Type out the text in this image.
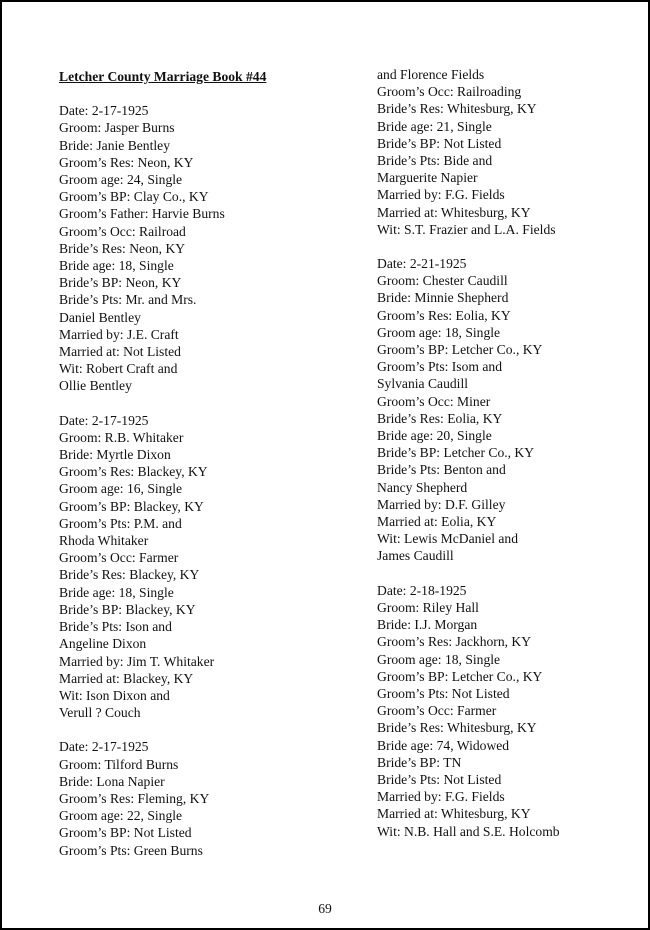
Letcher County Marriage Book #44
Date: 2-17-1925
Groom: Jasper Burns
Bride: Janie Bentley
Groom’s Res: Neon, KY
Groom age: 24, Single
Groom’s BP: Clay Co., KY
Groom’s Father: Harvie Burns
Groom’s Occ: Railroad
Bride’s Res: Neon, KY
Bride age: 18, Single
Bride’s BP: Neon, KY
Bride’s Pts: Mr. and Mrs.
Daniel Bentley
Married by: J.E. Craft
Married at: Not Listed
Wit: Robert Craft and
Ollie Bentley
Date: 2-17-1925
Groom: R.B. Whitaker
Bride: Myrtle Dixon
Groom’s Res: Blackey, KY
Groom age: 16, Single
Groom’s BP: Blackey, KY
Groom’s Pts: P.M. and
Rhoda Whitaker
Groom’s Occ: Farmer
Bride’s Res: Blackey, KY
Bride age: 18, Single
Bride’s BP: Blackey, KY
Bride’s Pts: Ison and
Angeline Dixon
Married by: Jim T. Whitaker
Married at: Blackey, KY
Wit: Ison Dixon and
Verull ? Couch
Date: 2-17-1925
Groom: Tilford Burns
Bride: Lona Napier
Groom’s Res: Fleming, KY
Groom age: 22, Single
Groom’s BP: Not Listed
Groom’s Pts: Green Burns
and Florence Fields
Groom’s Occ: Railroading
Bride’s Res: Whitesburg, KY
Bride age: 21, Single
Bride’s BP: Not Listed
Bride’s Pts: Bide and
Marguerite Napier
Married by: F.G. Fields
Married at: Whitesburg, KY
Wit: S.T. Frazier and L.A. Fields
Date: 2-21-1925
Groom: Chester Caudill
Bride: Minnie Shepherd
Groom’s Res: Eolia, KY
Groom age: 18, Single
Groom’s BP: Letcher Co., KY
Groom’s Pts: Isom and
Sylvania Caudill
Groom’s Occ: Miner
Bride’s Res: Eolia, KY
Bride age: 20, Single
Bride’s BP: Letcher Co., KY
Bride’s Pts: Benton and
Nancy Shepherd
Married by: D.F. Gilley
Married at: Eolia, KY
Wit: Lewis McDaniel and
James Caudill
Date: 2-18-1925
Groom: Riley Hall
Bride: I.J. Morgan
Groom’s Res: Jackhorn, KY
Groom age: 18, Single
Groom’s BP: Letcher Co., KY
Groom’s Pts: Not Listed
Groom’s Occ: Farmer
Bride’s Res: Whitesburg, KY
Bride age: 74, Widowed
Bride’s BP: TN
Bride’s Pts: Not Listed
Married by: F.G. Fields
Married at: Whitesburg, KY
Wit: N.B. Hall and S.E. Holcomb
69
